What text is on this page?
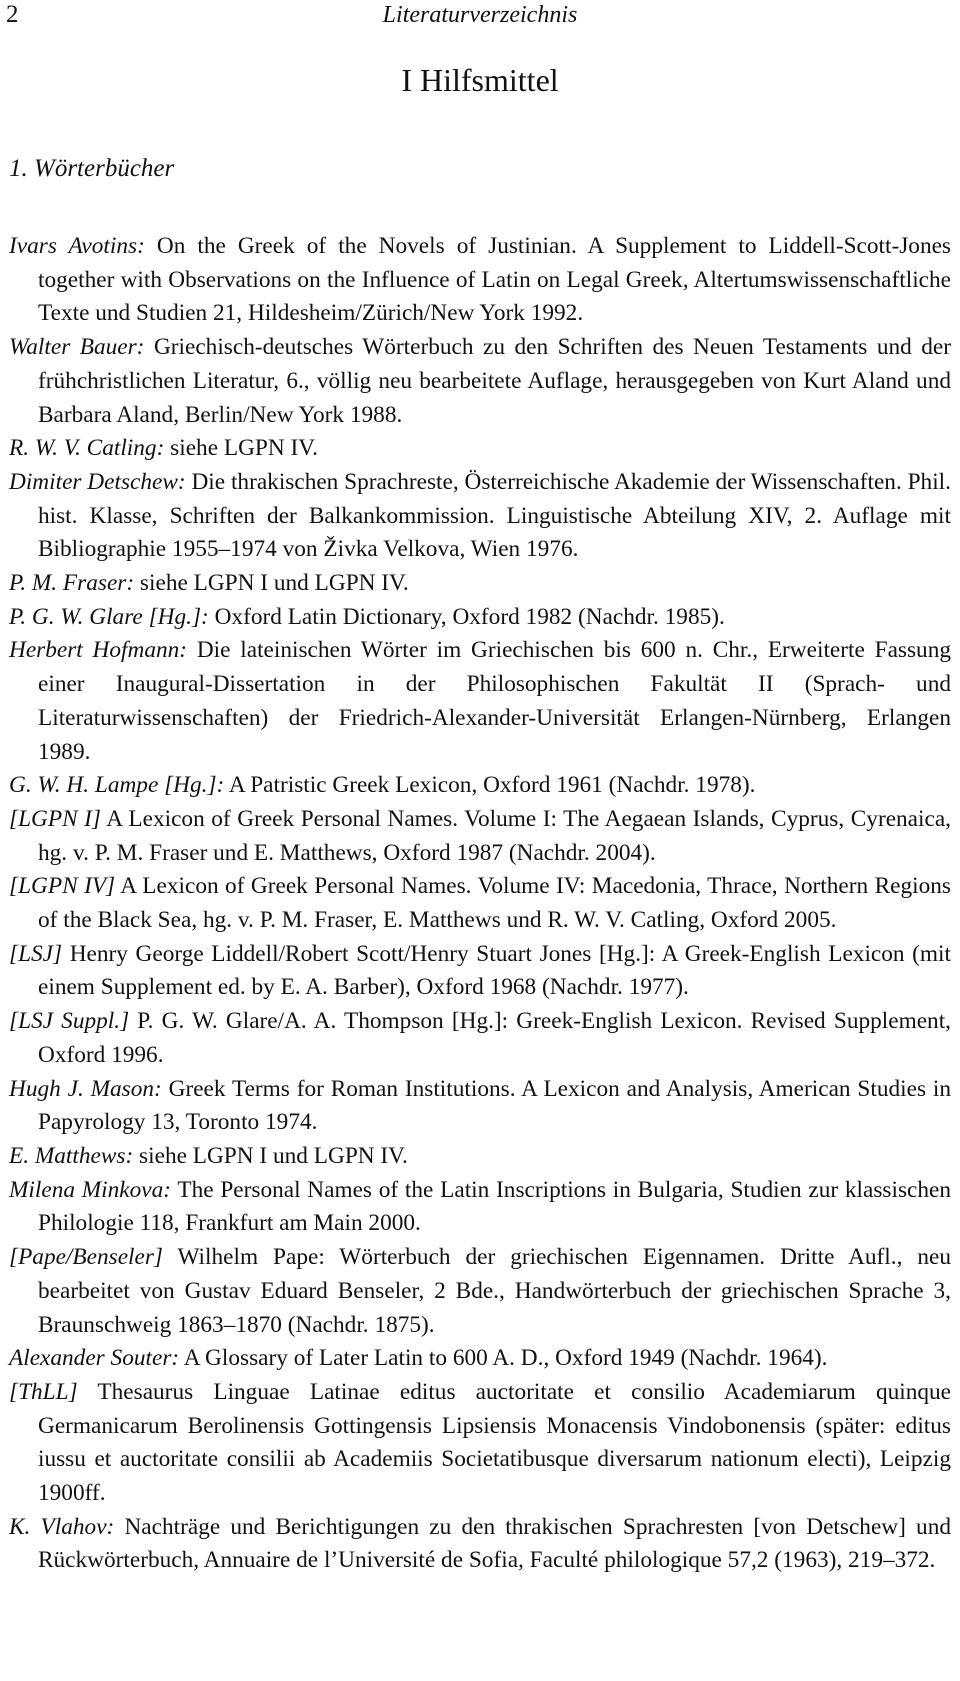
2	Literaturverzeichnis
I Hilfsmittel
1. Wörterbücher

Ivars Avotins: On the Greek of the Novels of Justinian. A Supplement to Liddell-Scott-Jones together with Observations on the Influence of Latin on Legal Greek, Altertumswissenschaftliche Texte und Studien 21, Hildesheim/Zürich/New York 1992.

Walter Bauer: Griechisch-deutsches Wörterbuch zu den Schriften des Neuen Testaments und der frühchristlichen Literatur, 6., völlig neu bearbeitete Auflage, herausgegeben von Kurt Aland und Barbara Aland, Berlin/New York 1988.

R. W. V. Catling: siehe LGPN IV.

Dimiter Detschew: Die thrakischen Sprachreste, Österreichische Akademie der Wissenschaften. Phil. hist. Klasse, Schriften der Balkankommission. Linguistische Abteilung XIV, 2. Auflage mit Bibliographie 1955–1974 von Živka Velkova, Wien 1976.

P. M. Fraser: siehe LGPN I und LGPN IV.

P. G. W. Glare [Hg.]: Oxford Latin Dictionary, Oxford 1982 (Nachdr. 1985).

Herbert Hofmann: Die lateinischen Wörter im Griechischen bis 600 n. Chr., Erweiterte Fassung einer Inaugural-Dissertation in der Philosophischen Fakultät II (Sprach- und Literaturwissenschaften) der Friedrich-Alexander-Universität Erlangen-Nürnberg, Erlangen 1989.

G. W. H. Lampe [Hg.]: A Patristic Greek Lexicon, Oxford 1961 (Nachdr. 1978).

[LGPN I] A Lexicon of Greek Personal Names. Volume I: The Aegaean Islands, Cyprus, Cyrenaica, hg. v. P. M. Fraser und E. Matthews, Oxford 1987 (Nachdr. 2004).

[LGPN IV] A Lexicon of Greek Personal Names. Volume IV: Macedonia, Thrace, Northern Regions of the Black Sea, hg. v. P. M. Fraser, E. Matthews und R. W. V. Catling, Oxford 2005.

[LSJ] Henry George Liddell/Robert Scott/Henry Stuart Jones [Hg.]: A Greek-English Lexicon (mit einem Supplement ed. by E. A. Barber), Oxford 1968 (Nachdr. 1977).

[LSJ Suppl.] P. G. W. Glare/A. A. Thompson [Hg.]: Greek-English Lexicon. Revised Supplement, Oxford 1996.

Hugh J. Mason: Greek Terms for Roman Institutions. A Lexicon and Analysis, American Studies in Papyrology 13, Toronto 1974.

E. Matthews: siehe LGPN I und LGPN IV.

Milena Minkova: The Personal Names of the Latin Inscriptions in Bulgaria, Studien zur klassischen Philologie 118, Frankfurt am Main 2000.

[Pape/Benseler] Wilhelm Pape: Wörterbuch der griechischen Eigennamen. Dritte Aufl., neu bearbeitet von Gustav Eduard Benseler, 2 Bde., Handwörterbuch der griechischen Sprache 3, Braunschweig 1863–1870 (Nachdr. 1875).

Alexander Souter: A Glossary of Later Latin to 600 A. D., Oxford 1949 (Nachdr. 1964).

[ThLL] Thesaurus Linguae Latinae editus auctoritate et consilio Academiarum quinque Germanicarum Berolinensis Gottingensis Lipsiensis Monacensis Vindobonensis (später: editus iussu et auctoritate consilii ab Academiis Societatibusque diversarum nationum electi), Leipzig 1900ff.

K. Vlahov: Nachträge und Berichtigungen zu den thrakischen Sprachresten [von Detschew] und Rückwörterbuch, Annuaire de l’Université de Sofia, Faculté philologique 57,2 (1963), 219–372.
